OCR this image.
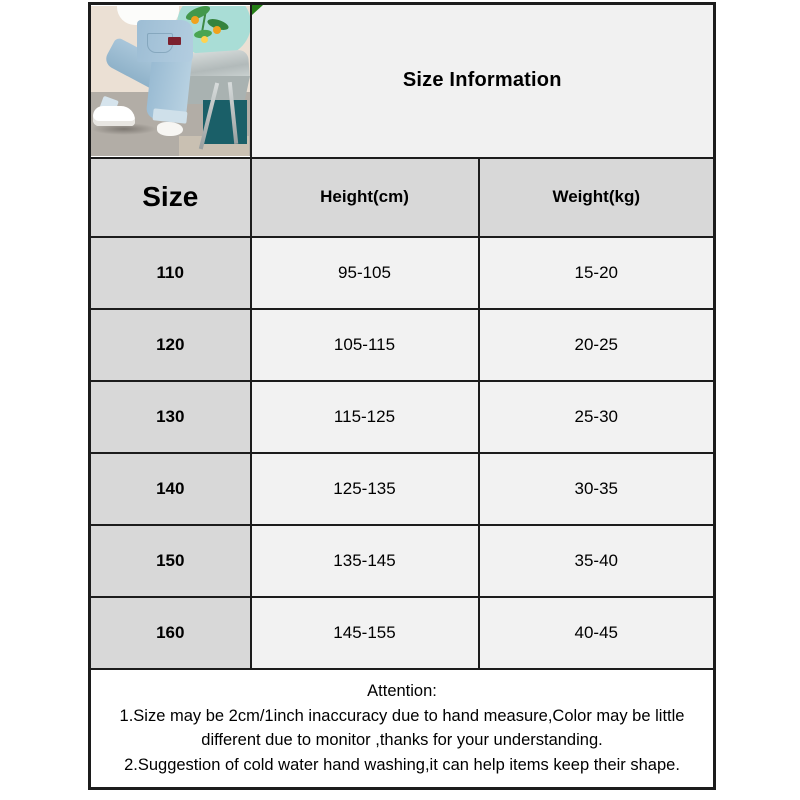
Size Information	
Size	Height(cm)	Weight(kg)
110	95-105	15-20
120	105-115	20-25
130	115-125	25-30
140	125-135	30-35
150	135-145	35-40
160	145-155	40-45

Attention:
1.Size may be 2cm/1inch inaccuracy due to hand measure,Color may be little different due to monitor ,thanks for your understanding.
2.Suggestion of cold water hand washing,it can help items keep their shape.		
